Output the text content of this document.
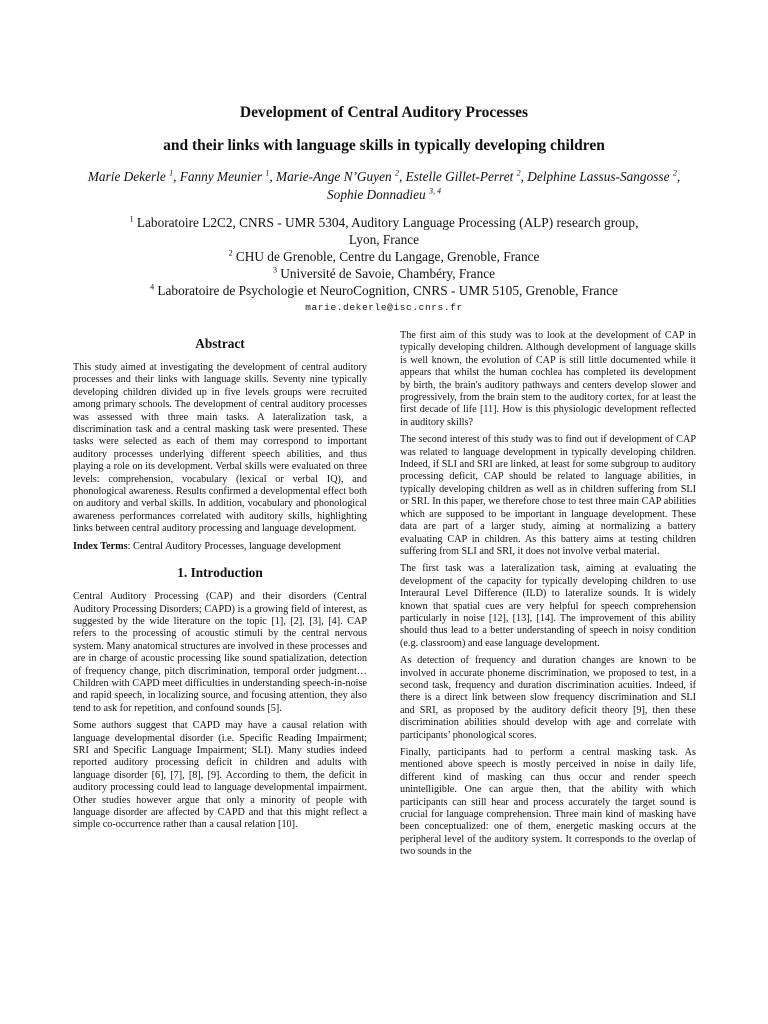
Development of Central Auditory Processes
and their links with language skills in typically developing children
Marie Dekerle $^1$, Fanny Meunier $^1$, Marie-Ange N’Guyen $^2$, Estelle Gillet-Perret $^2$, Delphine Lassus-Sangosse $^2$, Sophie Donnadieu $^{3, 4}$
$^1$ Laboratoire L2C2, CNRS - UMR 5304, Auditory Language Processing (ALP) research group,
Lyon, France
$^2$ CHU de Grenoble, Centre du Langage, Grenoble, France
$^3$ Université de Savoie, Chambéry, France
$^4$ Laboratoire de Psychologie et NeuroCognition, CNRS - UMR 5105, Grenoble, France
marie.dekerle@isc.cnrs.fr
Abstract

This study aimed at investigating the development of central auditory processes and their links with language skills. Seventy nine typically developing children divided up in five levels groups were recruited among primary schools. The development of central auditory processes was assessed with three main tasks. A lateralization task, a discrimination task and a central masking task were presented. These tasks were selected as each of them may correspond to important auditory processes underlying different speech abilities, and thus playing a role on its development. Verbal skills were evaluated on three levels: comprehension, vocabulary (lexical or verbal IQ), and phonological awareness. Results confirmed a developmental effect both on auditory and verbal skills. In addition, vocabulary and phonological awareness performances correlated with auditory skills, highlighting links between central auditory processing and language development.

Index Terms: Central Auditory Processes, language development

1. Introduction

Central Auditory Processing (CAP) and their disorders (Central Auditory Processing Disorders; CAPD) is a growing field of interest, as suggested by the wide literature on the topic [1], [2], [3], [4]. CAP refers to the processing of acoustic stimuli by the central nervous system. Many anatomical structures are involved in these processes and are in charge of acoustic processing like sound spatialization, detection of frequency change, pitch discrimination, temporal order judgment… Children with CAPD meet difficulties in understanding speech-in-noise and rapid speech, in localizing source, and focusing attention, they also tend to ask for repetition, and confound sounds [5].

Some authors suggest that CAPD may have a causal relation with language developmental disorder (i.e. Specific Reading Impairment; SRI and Specific Language Impairment; SLI). Many studies indeed reported auditory processing deficit in children and adults with language disorder [6], [7], [8], [9]. According to them, the deficit in auditory processing could lead to language developmental impairment. Other studies however argue that only a minority of people with language disorder are affected by CAPD and that this might reflect a simple co-occurrence rather than a causal relation [10].

The first aim of this study was to look at the development of CAP in typically developing children. Although development of language skills is well known, the evolution of CAP is still little documented while it appears that whilst the human cochlea has completed its development by birth, the brain's auditory pathways and centers develop slower and progressively, from the brain stem to the auditory cortex, for at least the first decade of life [11]. How is this physiologic development reflected in auditory skills?

The second interest of this study was to find out if development of CAP was related to language development in typically developing children. Indeed, if SLI and SRI are linked, at least for some subgroup to auditory processing deficit, CAP should be related to language abilities, in typically developing children as well as in children suffering from SLI or SRI. In this paper, we therefore chose to test three main CAP abilities which are supposed to be important in language development. These data are part of a larger study, aiming at normalizing a battery evaluating CAP in children. As this battery aims at testing children suffering from SLI and SRI, it does not involve verbal material.

The first task was a lateralization task, aiming at evaluating the development of the capacity for typically developing children to use Interaural Level Difference (ILD) to lateralize sounds. It is widely known that spatial cues are very helpful for speech comprehension particularly in noise [12], [13], [14]. The improvement of this ability should thus lead to a better understanding of speech in noisy condition (e.g. classroom) and ease language development.

As detection of frequency and duration changes are known to be involved in accurate phoneme discrimination, we proposed to test, in a second task, frequency and duration discrimination acuities. Indeed, if there is a direct link between slow frequency discrimination and SLI and SRI, as proposed by the auditory deficit theory [9], then these discrimination abilities should develop with age and correlate with participants’ phonological scores.

Finally, participants had to perform a central masking task. As mentioned above speech is mostly perceived in noise in daily life, different kind of masking can thus occur and render speech unintelligible. One can argue then, that the ability with which participants can still hear and process accurately the target sound is crucial for language comprehension. Three main kind of masking have been conceptualized: one of them, energetic masking occurs at the peripheral level of the auditory system. It corresponds to the overlap of two sounds in the
